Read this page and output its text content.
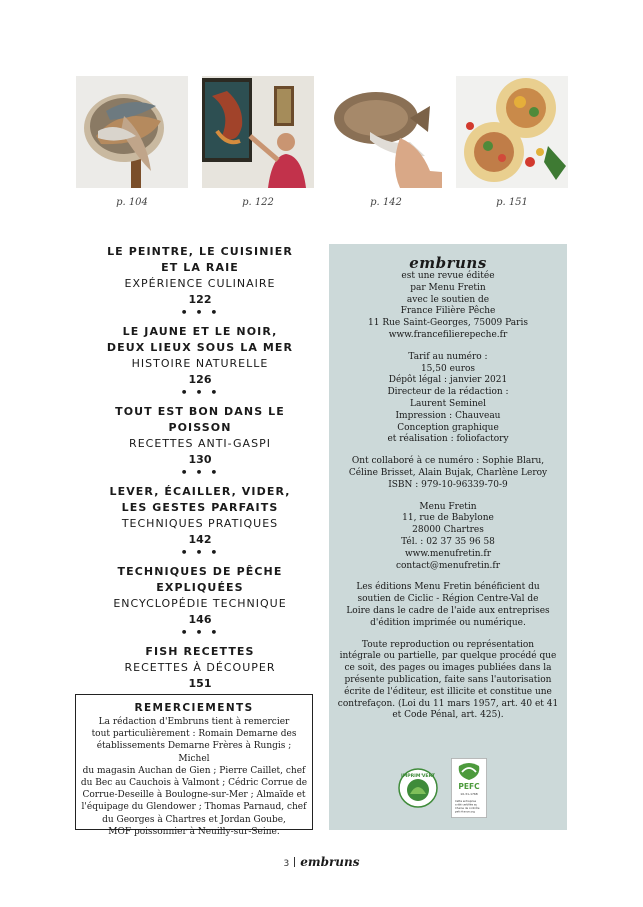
p. 104	p. 122	p. 142	p. 151
LE PEINTRE, LE CUISINIER
ET LA RAIE
EXPÉRIENCE CULINAIRE
122
• • •
LE JAUNE ET LE NOIR,
DEUX LIEUX SOUS LA MER
HISTOIRE NATURELLE
126
• • •
TOUT EST BON DANS LE POISSON
RECETTES ANTI-GASPI
130
• • •
LEVER, ÉCAILLER, VIDER,
LES GESTES PARFAITS
TECHNIQUES PRATIQUES
142
• • •
TECHNIQUES DE PÊCHE
EXPLIQUÉES
ENCYCLOPÉDIE TECHNIQUE
146
• • •
FISH RECETTES
RECETTES À DÉCOUPER
151
REMERCIEMENTS
La rédaction d'Embruns tient à remercier
tout particulièrement : Romain Demarne des
établissements Demarne Frères à Rungis ; Michel
du magasin Auchan de Gien ; Pierre Caillet, chef
du Bec au Cauchois à Valmont ; Cédric Corrue de
Corrue-Deseille à Boulogne-sur-Mer ; Almaïde et
l'équipage du Glendower ; Thomas Parnaud, chef
du Georges à Chartres et Jordan Goube,
MOF poissonnier à Neuilly-sur-Seine.
embruns
est une revue éditée
par Menu Fretin
avec le soutien de
France Filière Pêche
11 Rue Saint-Georges, 75009 Paris
www.francefilierepeche.fr
Tarif au numéro :
15,50 euros
Dépôt légal : janvier 2021
Directeur de la rédaction :
Laurent Seminel
Impression : Chauveau
Conception graphique
et réalisation : foliofactory
Ont collaboré à ce numéro : Sophie Blaru,
Céline Brisset, Alain Bujak, Charlène Leroy
ISBN : 979-10-96339-70-9
Menu Fretin
11, rue de Babylone
28000 Chartres
Tél. : 02 37 35 96 58
www.menufretin.fr
contact@menufretin.fr
Les éditions Menu Fretin bénéficient du
soutien de Ciclic - Région Centre-Val de
Loire dans le cadre de l'aide aux entreprises
d'édition imprimée ou numérique.
Toute reproduction ou représentation
intégrale ou partielle, par quelque procédé que
ce soit, des pages ou images publiées dans la
présente publication, faite sans l'autorisation
écrite de l'éditeur, est illicite et constitue une
contrefaçon. (Loi du 11 mars 1957, art. 40 et 41
et Code Pénal, art. 425).
IMPRIM'VERT
PEFC
10-31-1768
Cette entreprise
a été certifiée au
Chaine de contrôle
pefc-france.org
3 embruns
